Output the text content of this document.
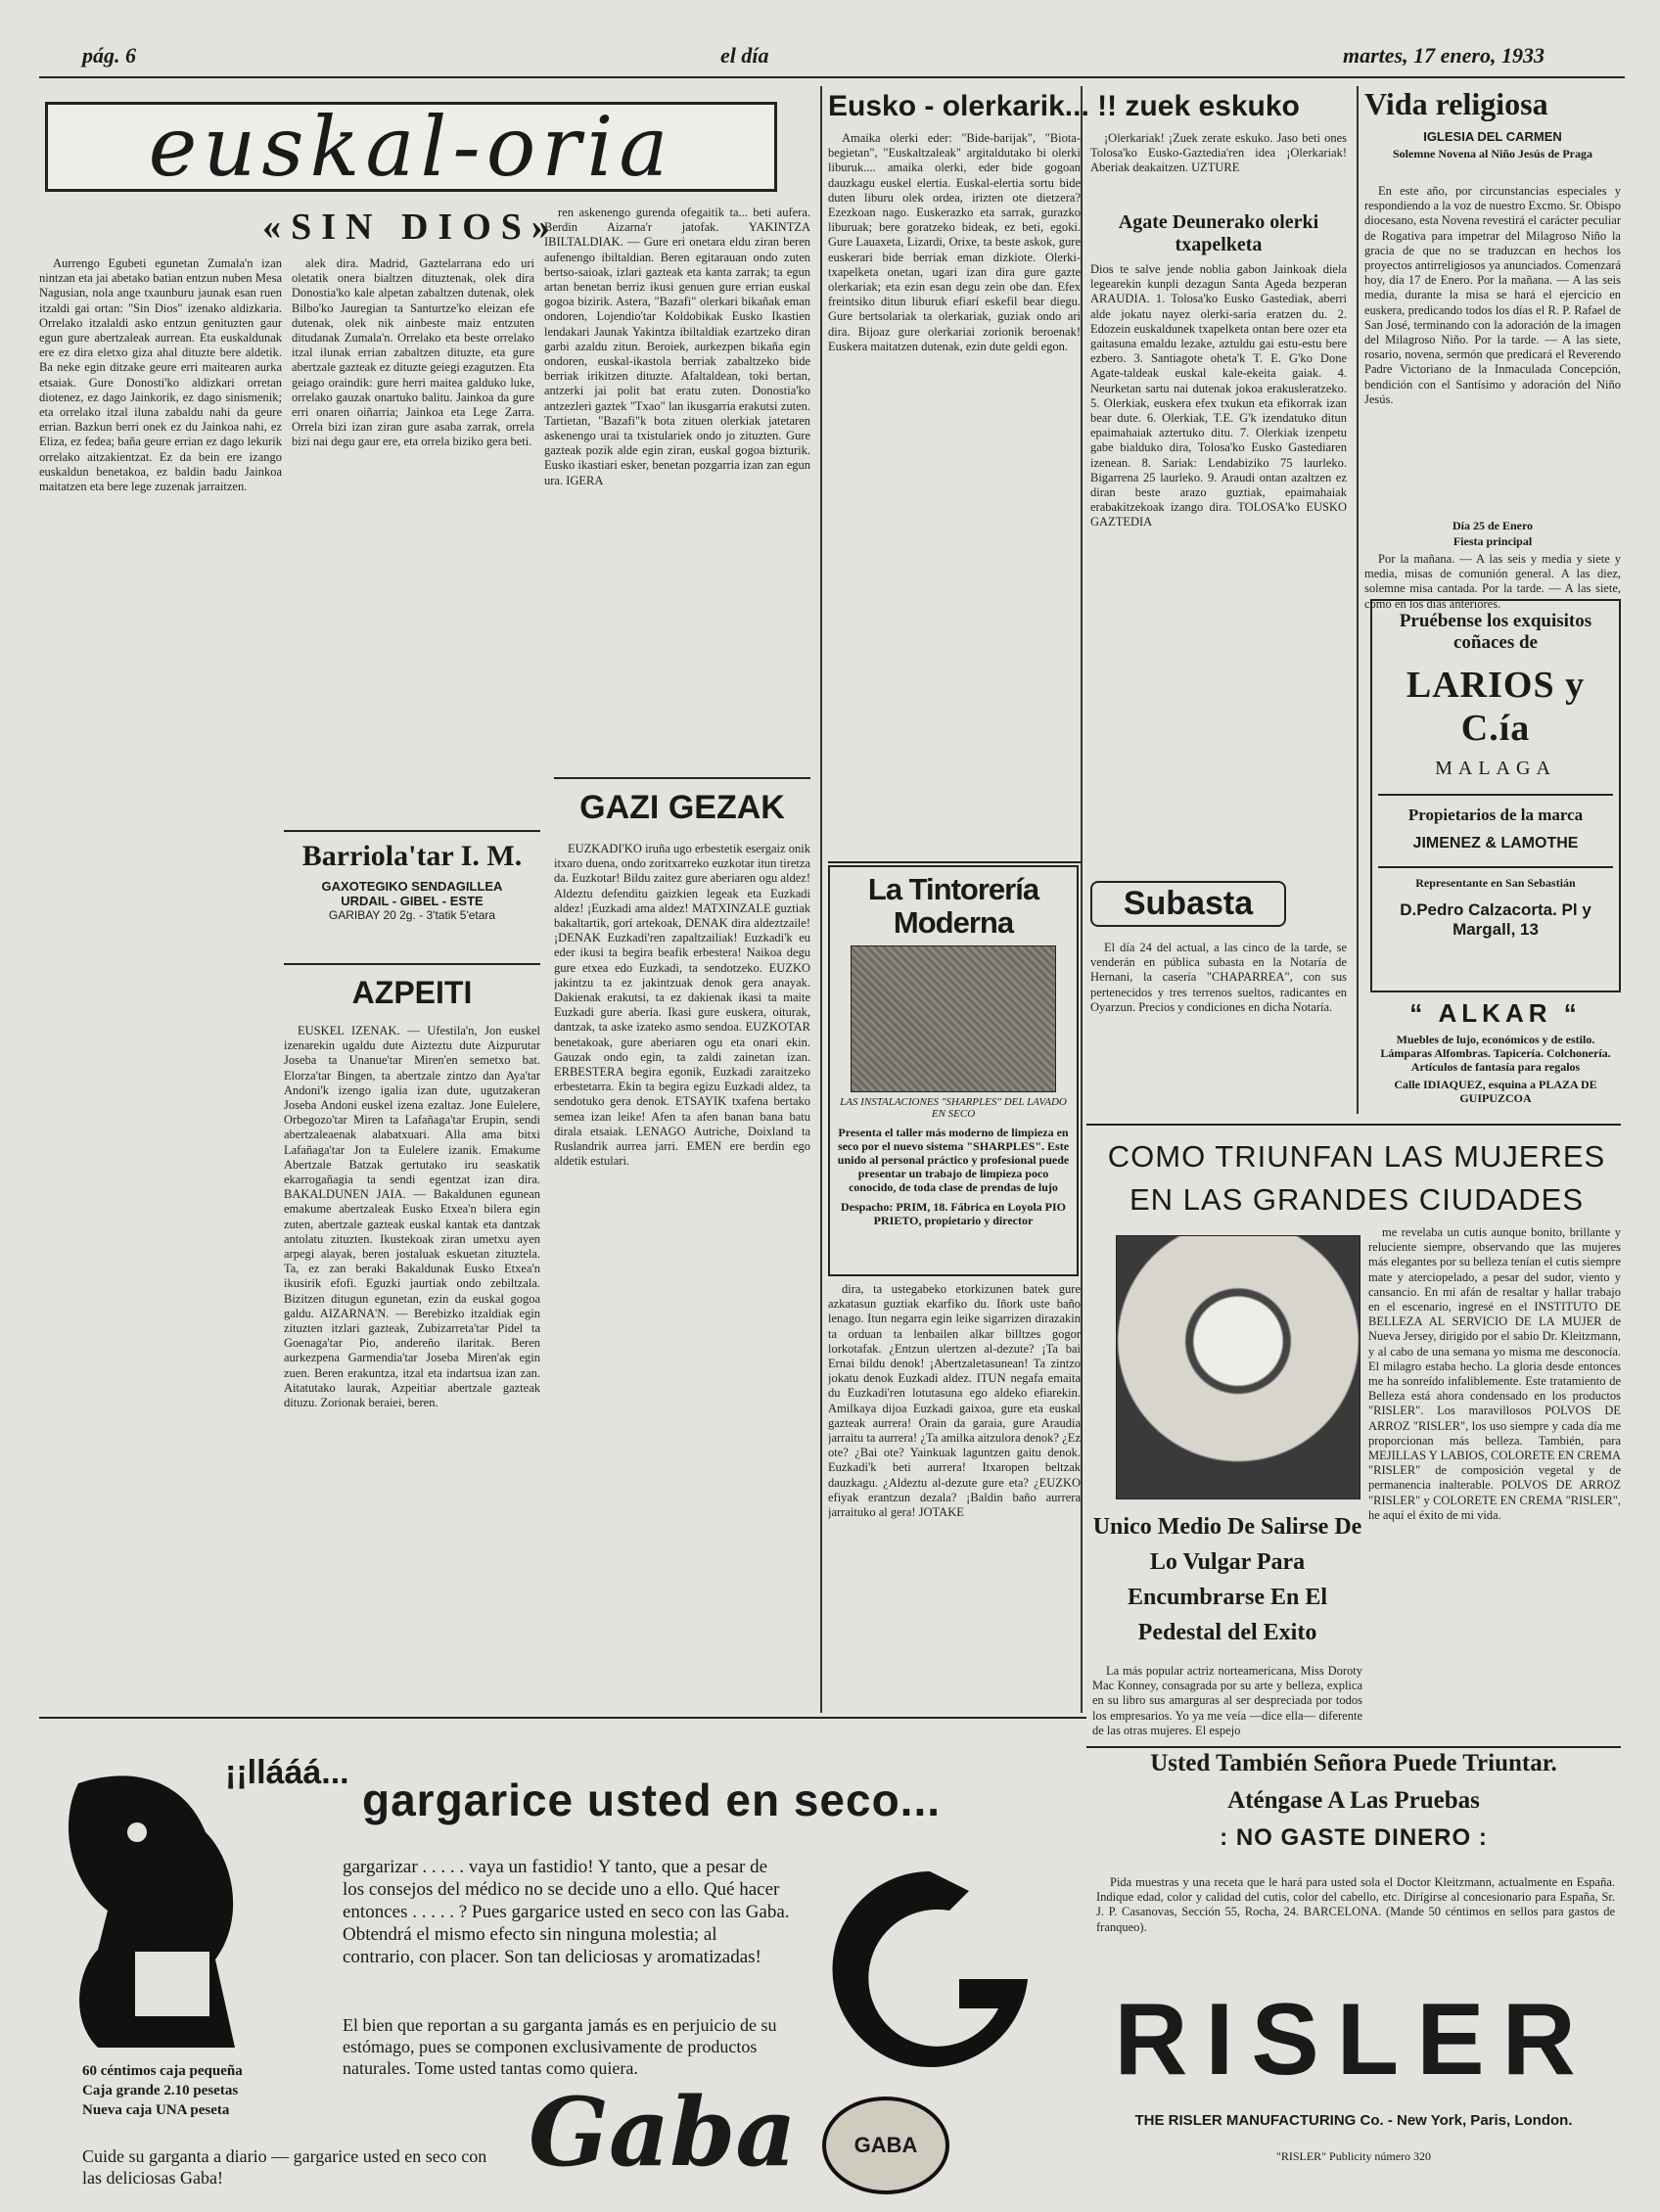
pág. 6	el día	martes, 17 enero, 1933
euskal-oria
«SIN DIOS»

Aurrengo Egubeti egunetan Zumala'n izan nintzan eta jai abetako batian entzun nuben Mesa Nagusian, nola ange txaunburu jaunak esan ruen itzaldi gai ortan: "Sin Dios" izenako aldizkaria. Orrelako itzalaldi asko entzun genituzten gaur egun gure abertzaleak aurrean. Eta euskaldunak ere ez dira eletxo giza ahal dituzte bere aldetik. Ba neke egin ditzake geure erri maitearen aurka etsaiak. Gure Donosti'ko aldizkari orretan diotenez, ez dago Jainkorik, ez dago sinismenik; eta orrelako itzal iluna zabaldu nahi da geure errian. Bazkun berri onek ez du Jainkoa nahi, ez Eliza, ez fedea; baña geure errian ez dago lekurik orrelako aitzakientzat. Ez da bein ere izango euskaldun benetakoa, ez baldin badu Jainkoa maitatzen eta bere lege zuzenak jarraitzen.

alek dira. Madrid, Gaztelarrana edo uri oletatik onera bialtzen dituztenak, olek dira Donostia'ko kale alpetan zabaltzen dutenak, olek Bilbo'ko Jauregian ta Santurtze'ko eleizan efe dutenak, olek nik ainbeste maiz entzuten ditudanak Zumala'n. Orrelako eta beste orrelako itzal ilunak errian zabaltzen dituzte, eta gure abertzale gazteak ez dituzte geiegi ezagutzen. Eta geiago oraindik: gure herri maitea galduko luke, orrelako gauzak onartuko balitu. Jainkoa da gure erri onaren oiñarria; Jainkoa eta Lege Zarra. Orrela bizi izan ziran gure asaba zarrak, orrela bizi nai degu gaur ere, eta orrela biziko gera beti.

ren askenengo gurenda ofegaitik ta... beti aufera. Berdin Aizarna'r jatofak. YAKINTZA IBILTALDIAK. — Gure eri onetara eldu ziran beren aufenengo ibiltaldian. Beren egitarauan ondo zuten bertso-saioak, izlari gazteak eta kanta zarrak; ta egun artan benetan berriz ikusi genuen gure errian euskal gogoa bizirik. Astera, "Bazafi" olerkari bikañak eman ondoren, Lojendio'tar Koldobikak Eusko Ikastien lendakari Jaunak Yakintza ibiltaldiak ezartzeko diran garbi azaldu zitun. Beroiek, aurkezpen bikaña egin ondoren, euskal-ikastola berriak zabaltzeko bide berriak irikitzen dituzte. Afaltaldean, toki bertan, antzerki jai polit bat eratu zuten. Donostia'ko antzezleri gaztek "Txao" lan ikusgarria erakutsi zuten. Tartietan, "Bazafi"k bota zituen olerkiak jatetaren askenengo urai ta txistulariek ondo jo zituzten. Gure gazteak pozik alde egin ziran, euskal gogoa bizturik. Eusko ikastiari esker, benetan pozgarria izan zan egun ura. IGERA

Barriola'tar I. M.
GAXOTEGIKO SENDAGILLEA
URDAIL - GIBEL - ESTE
GARIBAY 20 2g. - 3'tatik 5'etara
AZPEITI

EUSKEL IZENAK. — Ufestila'n, Jon euskel izenarekin ugaldu dute Aizteztu dute Aizpurutar Joseba ta Unanue'tar Miren'en semetxo bat. Elorza'tar Bingen, ta abertzale zintzo dan Aya'tar Andoni'k izengo igalia izan dute, ugutzakeran Joseba Andoni euskel izena ezaltaz. Jone Eulelere, Orbegozo'tar Miren ta Lafañaga'tar Erupin, sendi abertzaleaenak alabatxuari. Alla ama bitxi Lafañaga'tar Jon ta Eulelere izanik. Emakume Abertzale Batzak gertutako iru seaskatik ekarrogañagia ta sendi egentzat izan dira. BAKALDUNEN JAIA. — Bakaldunen egunean emakume abertzaleak Eusko Etxea'n bilera egin zuten, abertzale gazteak euskal kantak eta dantzak antolatu zituzten. Ikustekoak ziran umetxu ayen arpegi alayak, beren jostaluak eskuetan zituztela. Ta, ez zan beraki Bakaldunak Eusko Etxea'n ikusirik efofi. Eguzki jaurtiak ondo zebiltzala. Bizitzen ditugun egunetan, ezin da euskal gogoa galdu. AIZARNA'N. — Berebizko itzaldiak egin zituzten itzlari gazteak, Zubizarreta'tar Pidel ta Goenaga'tar Pio, andereño ilaritak. Beren aurkezpena Garmendia'tar Joseba Miren'ak egin zuen. Beren erakuntza, itzal eta indartsua izan zan. Aitatutako laurak, Azpeitiar abertzale gazteak dituzu. Zorionak beraiei, beren.

GAZI GEZAK

EUZKADI'KO iruña ugo erbestetik esergaiz onik itxaro duena, ondo zoritxarreko euzkotar itun tiretza da. Euzkotar! Bildu zaitez gure aberiaren ogu aldez! Aldeztu defenditu gaizkien legeak eta Euzkadi aldez! ¡Euzkadi ama aldez! MATXINZALE guztiak bakaltartik, gorí artekoak, DENAK dira aldeztzaile! ¡DENAK Euzkadi'ren zapaltzailiak! Euzkadi'k eu eder ikusi ta begira beafik erbestera! Naikoa degu gure etxea edo Euzkadi, ta sendotzeko. EUZKO jakintzu ta ez jakintzuak denok gera anayak. Dakienak erakutsi, ta ez dakienak ikasi ta maite Euzkadi gure aberia. Ikasi gure euskera, oiturak, dantzak, ta aske izateko asmo sendoa. EUZKOTAR benetakoak, gure aberiaren ogu eta onari ekin. Gauzak ondo egin, ta zaldi zainetan izan. ERBESTERA begira egonik, Euzkadi zaraitzeko erbestetarra. Ekin ta begira egizu Euzkadi aldez, ta sendotuko gera denok. ETSAYIK txafena bertako semea izan leike! Afen ta afen banan bana batu dirala etsaiak. LENAGO Autriche, Doixland ta Ruslandrik aurrea jarri. EMEN ere berdin ego aldetik estulari.

Eusko - olerkarik... !! zuek eskuko

Amaika olerki eder: "Bide-barijak", "Biota-begietan", "Euskaltzaleak" argitaldutako bi olerki liburuk.... amaika olerki, eder bide gogoan dauzkagu euskel elertia. Euskal-elertia sortu bide duten liburu olek ordea, irizten ote dietzera? Ezezkoan nago. Euskerazko eta sarrak, gurazko liburuak; bere goratzeko bideak, ez beti, egoki. Gure Lauaxeta, Lizardi, Orixe, ta beste askok, gure euskerari bide berriak eman dizkiote. Olerki-txapelketa onetan, ugari izan dira gure gazte olerkariak; eta ezin esan degu zein obe dan. Efex freintsiko ditun liburuk efiarí eskefil bear diegu. Gure bertsolariak ta olerkariak, guziak ondo ari dira. Bijoaz gure olerkariai zorionik beroenak! Euskera maitatzen dutenak, ezin dute geldi egon.

¡Olerkariak! ¡Zuek zerate eskuko. Jaso beti ones Tolosa'ko Eusko-Gaztedia'ren idea ¡Olerkariak! Aberiak deakaitzen. UZTURE

Agate Deunerako olerki txapelketa

Dios te salve jende noblia gabon Jainkoak diela legearekin kunpli dezagun Santa Ageda bezperan ARAUDIA. 1. Tolosa'ko Eusko Gastediak, aberri alde jokatu nayez olerki-saria eratzen du. 2. Edozein euskaldunek txapelketa ontan bere ozer eta gaitasuna emaldu lezake, aztuldu gai estu-estu bere ezbero. 3. Santiagote oheta'k T. E. G'ko Done Agate-taldeak euskal kale-ekeita gaiak. 4. Neurketan sartu nai dutenak jokoa erakusleratzeko. 5. Olerkiak, euskera efex txukun eta efikorrak izan bear dute. 6. Olerkiak, T.E. G'k izendatuko ditun epaimahaiak aztertuko ditu. 7. Olerkiak izenpetu gabe bialduko dira, Tolosa'ko Eusko Gastediaren izenean. 8. Sariak: Lendabiziko 75 laurleko. Bigarrena 25 laurleko. 9. Araudi ontan azaltzen ez diran beste arazo guztiak, epaimahaiak erabakitzekoak izango dira. TOLOSA'ko EUSKO GAZTEDIA

La Tintorería Moderna
LAS INSTALACIONES "SHARPLES" DEL LAVADO EN SECO
Presenta el taller más moderno de limpieza en seco por el nuevo sistema "SHARPLES". Este unido al personal práctico y profesional puede presentar un trabajo de limpieza poco conocido, de toda clase de prendas de lujo
Despacho: PRIM, 18. Fábrica en Loyola PIO PRIETO, propietario y director
Subasta

El día 24 del actual, a las cinco de la tarde, se venderán en pública subasta en la Notaría de Hernani, la casería "CHAPARREA", con sus pertenecidos y tres terrenos sueltos, radicantes en Oyarzun. Precios y condiciones en dicha Notaría.

dira, ta ustegabeko etorkizunen batek gure azkatasun guztiak ekarfiko du. Iñork uste baño lenago. Itun negarra egin leike sigarrizen dirazakin ta orduan ta lenbailen alkar billtzes gogor lorkotafak. ¿Entzun ulertzen al-dezute? ¡Ta bai Ernai bildu denok! ¡Abertzaletasunean! Ta zintzo jokatu denok Euzkadi aldez. ITUN negafa emaita du Euzkadi'ren lotutasuna ego aldeko efiarekin. Amilkaya dijoa Euzkadi gaixoa, gure eta euskal gazteak aurrera! Orain da garaia, gure Araudia jarraitu ta aurrera! ¿Ta amilka aitzulora denok? ¿Ez ote? ¿Bai ote? Yainkuak laguntzen gaitu denok. Euzkadi'k beti aurrera! Itxaropen beltzak dauzkagu. ¿Aldeztu al-dezute gure eta? ¿EUZKO efiyak erantzun dezala? ¡Baldin baño aurrera jarraituko al gera! JOTAKE

Vida religiosa
IGLESIA DEL CARMEN
Solemne Novena al Niño Jesús de Praga

En este año, por circunstancias especiales y respondiendo a la voz de nuestro Excmo. Sr. Obispo diocesano, esta Novena revestirá el carácter peculiar de Rogativa para impetrar del Milagroso Niño la gracia de que no se traduzcan en hechos los proyectos antirreligiosos ya anunciados. Comenzará hoy, día 17 de Enero. Por la mañana. — A las seis media, durante la misa se hará el ejercicio en euskera, predicando todos los días el R. P. Rafael de San José, terminando con la adoración de la imagen del Milagroso Niño. Por la tarde. — A las siete, rosario, novena, sermón que predicará el Reverendo Padre Victoriano de la Inmaculada Concepción, bendición con el Santísimo y adoración del Niño Jesús.

Día 25 de Enero
Fiesta principal

Por la mañana. — A las seis y media y siete y media, misas de comunión general. A las diez, solemne misa cantada. Por la tarde. — A las siete, como en los días anteriores.

Pruébense los exquisitos
coñaces de
LARIOS y C.ía
MALAGA
Propietarios de la marca
JIMENEZ & LAMOTHE
Representante en San Sebastián
D.Pedro Calzacorta. Pl y Margall, 13
“ ALKAR “
Muebles de lujo, económicos y de estilo. Lámparas Alfombras. Tapicería. Colchonería. Artículos de fantasía para regalos
Calle IDIAQUEZ, esquina a PLAZA DE GUIPUZCOA
COMO TRIUNFAN LAS MUJERES EN LAS GRANDES CIUDADES

me revelaba un cutis aunque bonito, brillante y reluciente siempre, observando que las mujeres más elegantes por su belleza tenían el cutis siempre mate y aterciopelado, a pesar del sudor, viento y cansancio. En mi afán de resaltar y hallar trabajo en el escenario, ingresé en el INSTITUTO DE BELLEZA AL SERVICIO DE LA MUJER de Nueva Jersey, dirigido por el sabio Dr. Kleitzmann, y al cabo de una semana yo misma me desconocía. El milagro estaba hecho. La gloria desde entonces me ha sonreído infaliblemente. Este tratamiento de Belleza está ahora condensado en los productos "RISLER". Los maravillosos POLVOS DE ARROZ "RISLER", los uso siempre y cada día me proporcionan más belleza. También, para MEJILLAS Y LABIOS, COLORETE EN CREMA "RISLER" de composición vegetal y de permanencia inalterable. POLVOS DE ARROZ "RISLER" y COLORETE EN CREMA "RISLER", he aquí el éxito de mi vida.

Unico Medio De Salirse De Lo Vulgar Para Encumbrarse En El Pedestal del Exito

La más popular actriz norteamericana, Miss Doroty Mac Konney, consagrada por su arte y belleza, explica en su libro sus amarguras al ser despreciada por todos los empresarios. Yo ya me veía —dice ella— diferente de las otras mujeres. El espejo

Usted También Señora Puede Triuntar.
Aténgase A Las Pruebas
: NO GASTE DINERO :

Pida muestras y una receta que le hará para usted sola el Doctor Kleitzmann, actualmente en España. Indique edad, color y calidad del cutis, color del cabello, etc. Dirígirse al concesionario para España, Sr. J. P. Casanovas, Sección 55, Rocha, 24. BARCELONA. (Mande 50 céntimos en sellos para gastos de franqueo).

RISLER
THE RISLER MANUFACTURING Co. - New York, Paris, London.
"RISLER" Publicity número 320
¡¡llááá...
gargarice usted en seco...
gargarizar . . . . . vaya un fastidio! Y tanto, que a pesar de los consejos del médico no se decide uno a ello. Qué hacer entonces . . . . . ? Pues gargarice usted en seco con las Gaba. Obtendrá el mismo efecto sin ninguna molestia; al contrario, con placer. Son tan deliciosas y aromatizadas!
El bien que reportan a su garganta jamás es en perjuicio de su estómago, pues se componen exclusivamente de productos naturales. Tome usted tantas como quiera.
60 céntimos caja pequeña
Caja grande 2.10 pesetas
Nueva caja UNA peseta
Cuide su garganta a diario — gargarice usted en seco con las deliciosas Gaba!	Gaba	GABA
